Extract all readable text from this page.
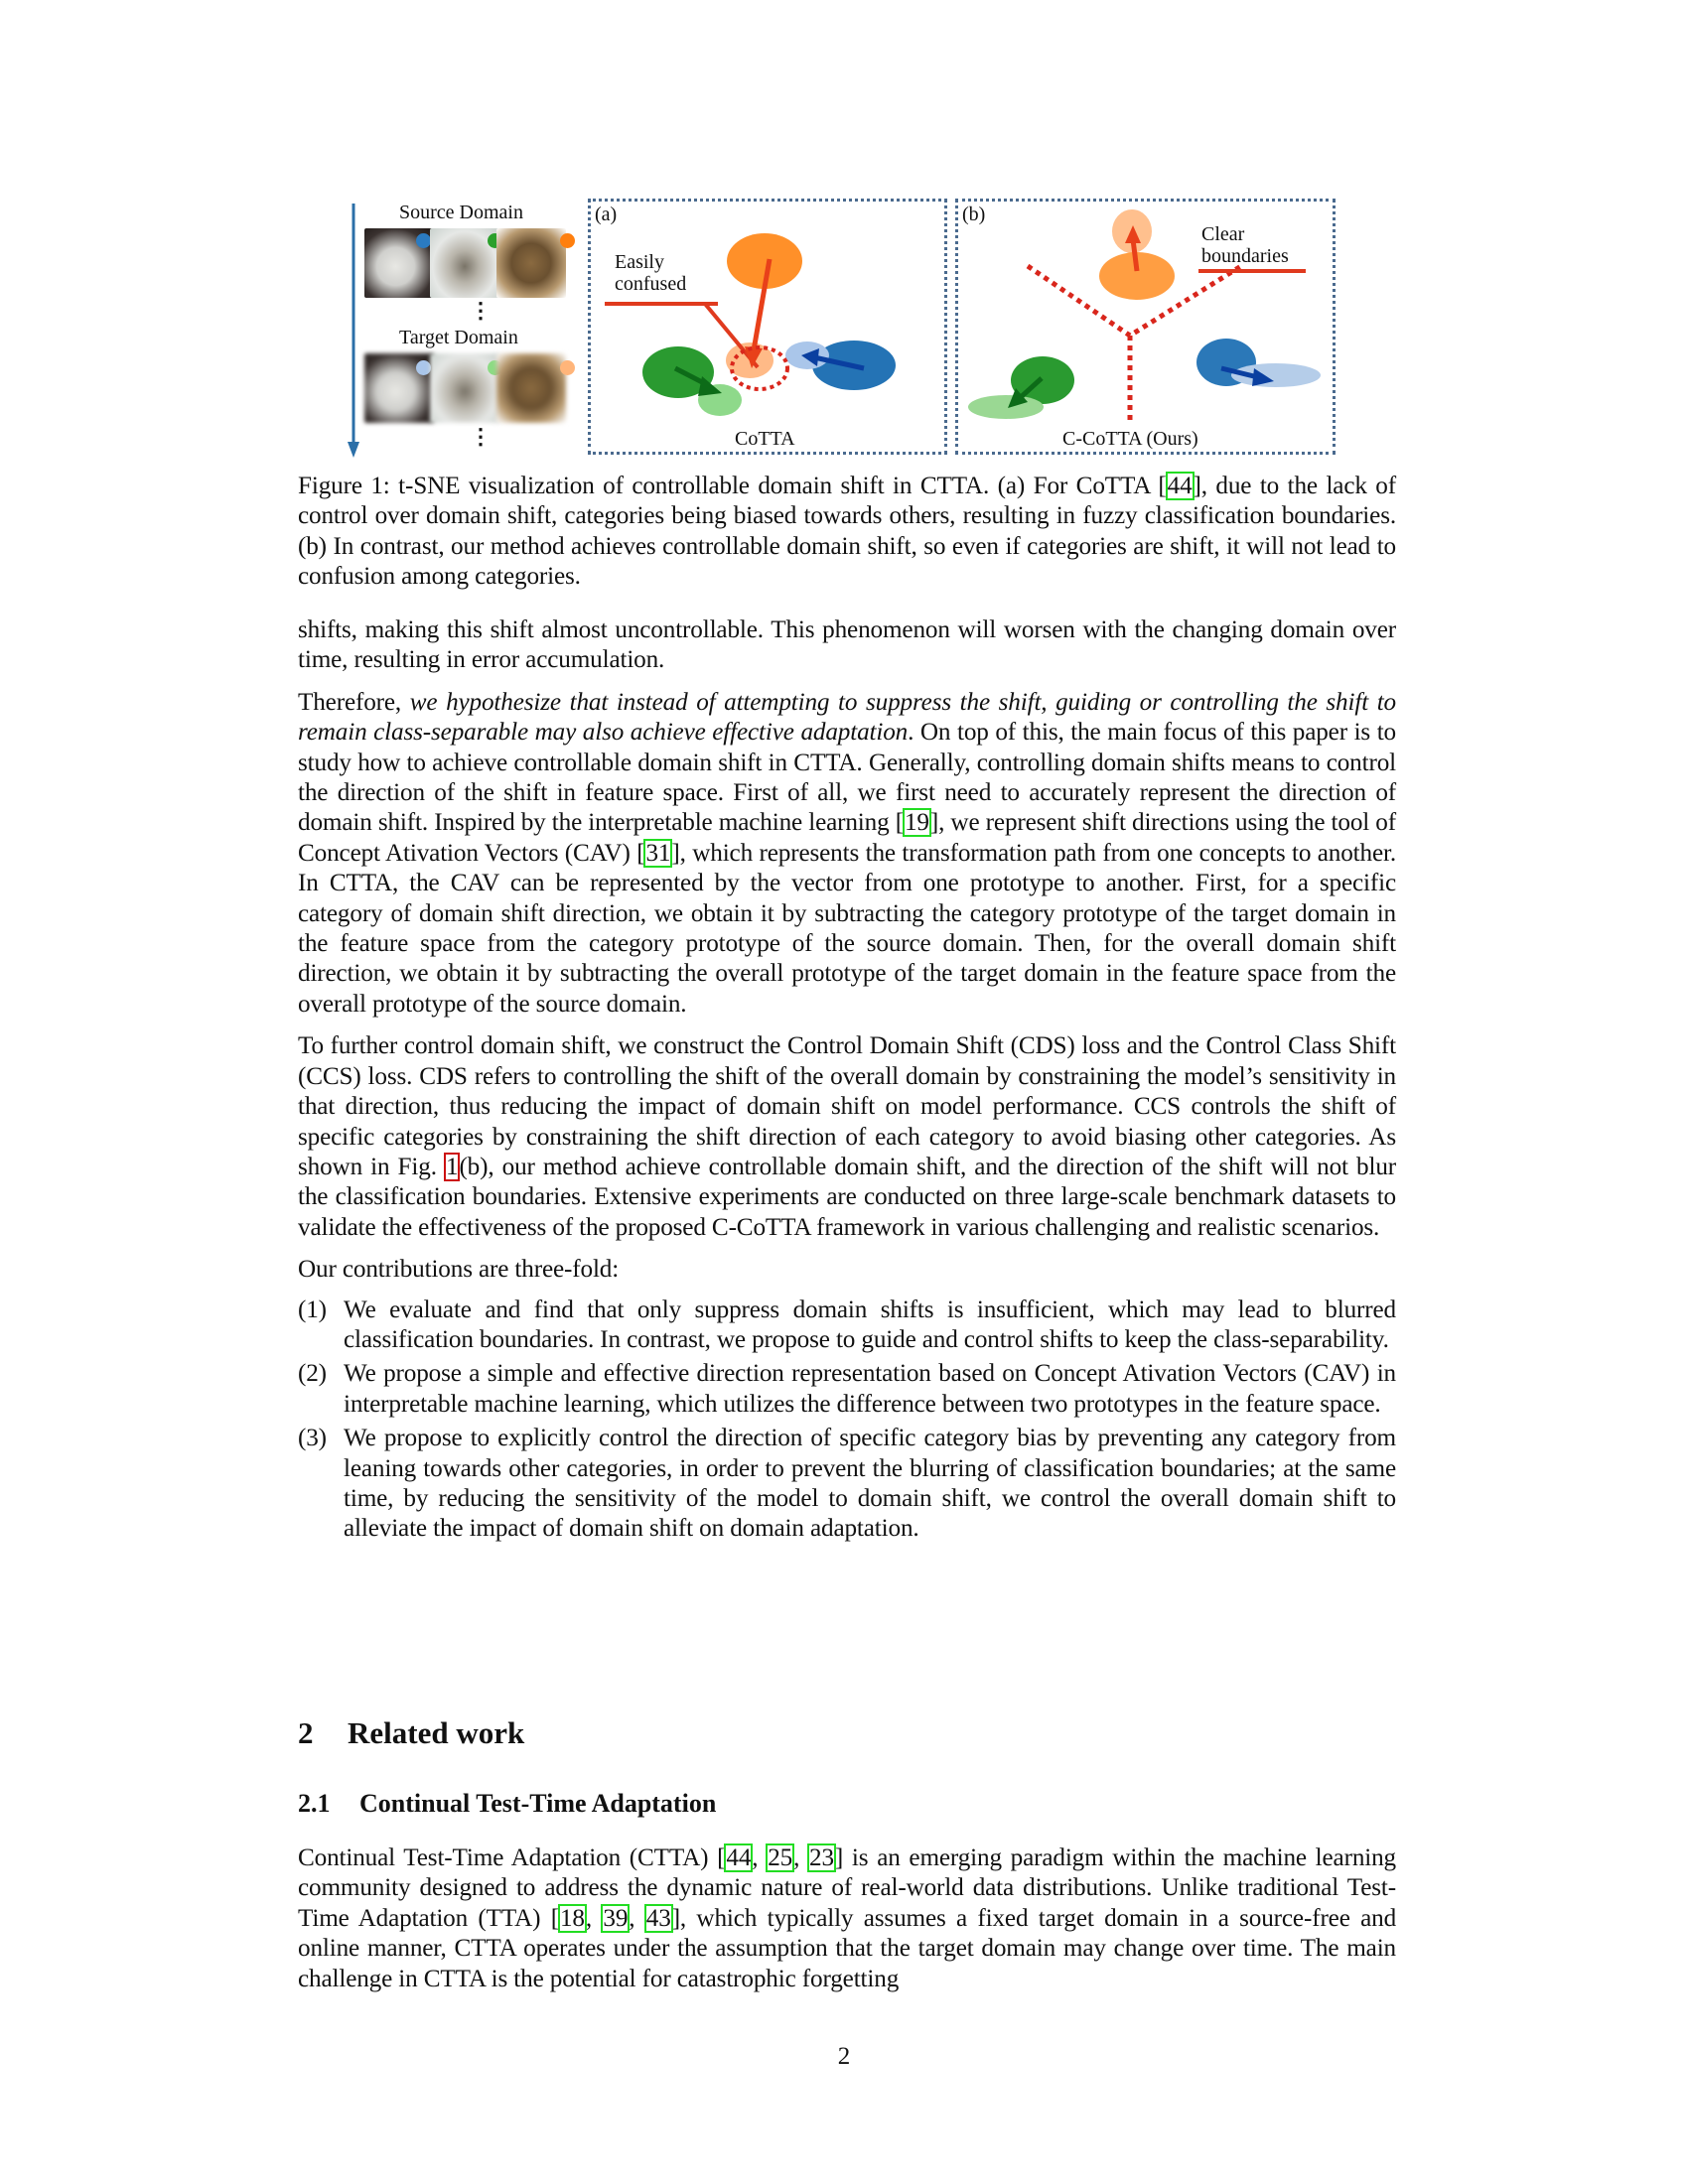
Source Domain
⋮
Target Domain
⋮
(a)
Easily
confused
CoTTA
(b)
Clear
boundaries
C-CoTTA (Ours)

Figure 1: t-SNE visualization of controllable domain shift in CTTA. (a) For CoTTA [44], due to the lack of control over domain shift, categories being biased towards others, resulting in fuzzy classification boundaries. (b) In contrast, our method achieves controllable domain shift, so even if categories are shift, it will not lead to confusion among categories.

shifts, making this shift almost uncontrollable. This phenomenon will worsen with the changing domain over time, resulting in error accumulation.

Therefore, we hypothesize that instead of attempting to suppress the shift, guiding or controlling the shift to remain class-separable may also achieve effective adaptation. On top of this, the main focus of this paper is to study how to achieve controllable domain shift in CTTA. Generally, controlling domain shifts means to control the direction of the shift in feature space. First of all, we first need to accurately represent the direction of domain shift. Inspired by the interpretable machine learning [19], we represent shift directions using the tool of Concept Ativation Vectors (CAV) [31], which represents the transformation path from one concepts to another. In CTTA, the CAV can be represented by the vector from one prototype to another. First, for a specific category of domain shift direction, we obtain it by subtracting the category prototype of the target domain in the feature space from the category prototype of the source domain. Then, for the overall domain shift direction, we obtain it by subtracting the overall prototype of the target domain in the feature space from the overall prototype of the source domain.

To further control domain shift, we construct the Control Domain Shift (CDS) loss and the Control Class Shift (CCS) loss. CDS refers to controlling the shift of the overall domain by constraining the model’s sensitivity in that direction, thus reducing the impact of domain shift on model performance. CCS controls the shift of specific categories by constraining the shift direction of each category to avoid biasing other categories. As shown in Fig. 1(b), our method achieve controllable domain shift, and the direction of the shift will not blur the classification boundaries. Extensive experiments are conducted on three large-scale benchmark datasets to validate the effectiveness of the proposed C-CoTTA framework in various challenging and realistic scenarios.

Our contributions are three-fold:

(1) We evaluate and find that only suppress domain shifts is insufficient, which may lead to blurred classification boundaries. In contrast, we propose to guide and control shifts to keep the class-separability.
(2) We propose a simple and effective direction representation based on Concept Ativation Vectors (CAV) in interpretable machine learning, which utilizes the difference between two prototypes in the feature space.
(3) We propose to explicitly control the direction of specific category bias by preventing any category from leaning towards other categories, in order to prevent the blurring of classification boundaries; at the same time, by reducing the sensitivity of the model to domain shift, we control the overall domain shift to alleviate the impact of domain shift on domain adaptation.
2 Related work
2.1 Continual Test-Time Adaptation

Continual Test-Time Adaptation (CTTA) [44, 25, 23] is an emerging paradigm within the machine learning community designed to address the dynamic nature of real-world data distributions. Unlike traditional Test-Time Adaptation (TTA) [18, 39, 43], which typically assumes a fixed target domain in a source-free and online manner, CTTA operates under the assumption that the target domain may change over time. The main challenge in CTTA is the potential for catastrophic forgetting

2
